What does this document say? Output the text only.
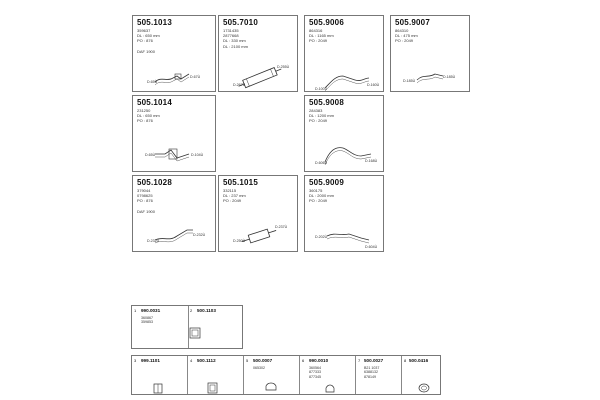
505.1013
359637
DL : 650 mm
PO : 876

DAF 1900
D.65Ù
D.67Ù
505.7010
1731435
2877668
DL : 330 mm
DL : 2100 mm
D.267Ù
D.255Ù
505.9006
864316
DL : 1165 mm
PO : 2049
D.100Ù
D.160Ù
505.9007
864310
DL : 475 mm
PO : 2049
D.185Ù
D.185Ù
505.1014
231250
DL : 650 mm
PO : 876
D.65Ù	D.104Ù
505.9008
284383
DL : 1200 mm
PO : 2049
D.606Ù	D.168Ù
505.1028
379044
0798625
PO : 876

DAF 1900
D.232Ù
D.232Ù
505.1015
332115
DL : 237 mm
PO : 2049
D.250Ù
D.237Ù
505.9009
360175
DL : 2000 mm
PO : 2049
D.202Ù
D.604Ù
1 990.0031
360867
359853
2 500.1103
3 999.1101	4 500.1112	5 500.0007
065302
6 990.0010
360564
877333
877345
7 500.0027
B21 1037
6388132
878149
8 500.0416
